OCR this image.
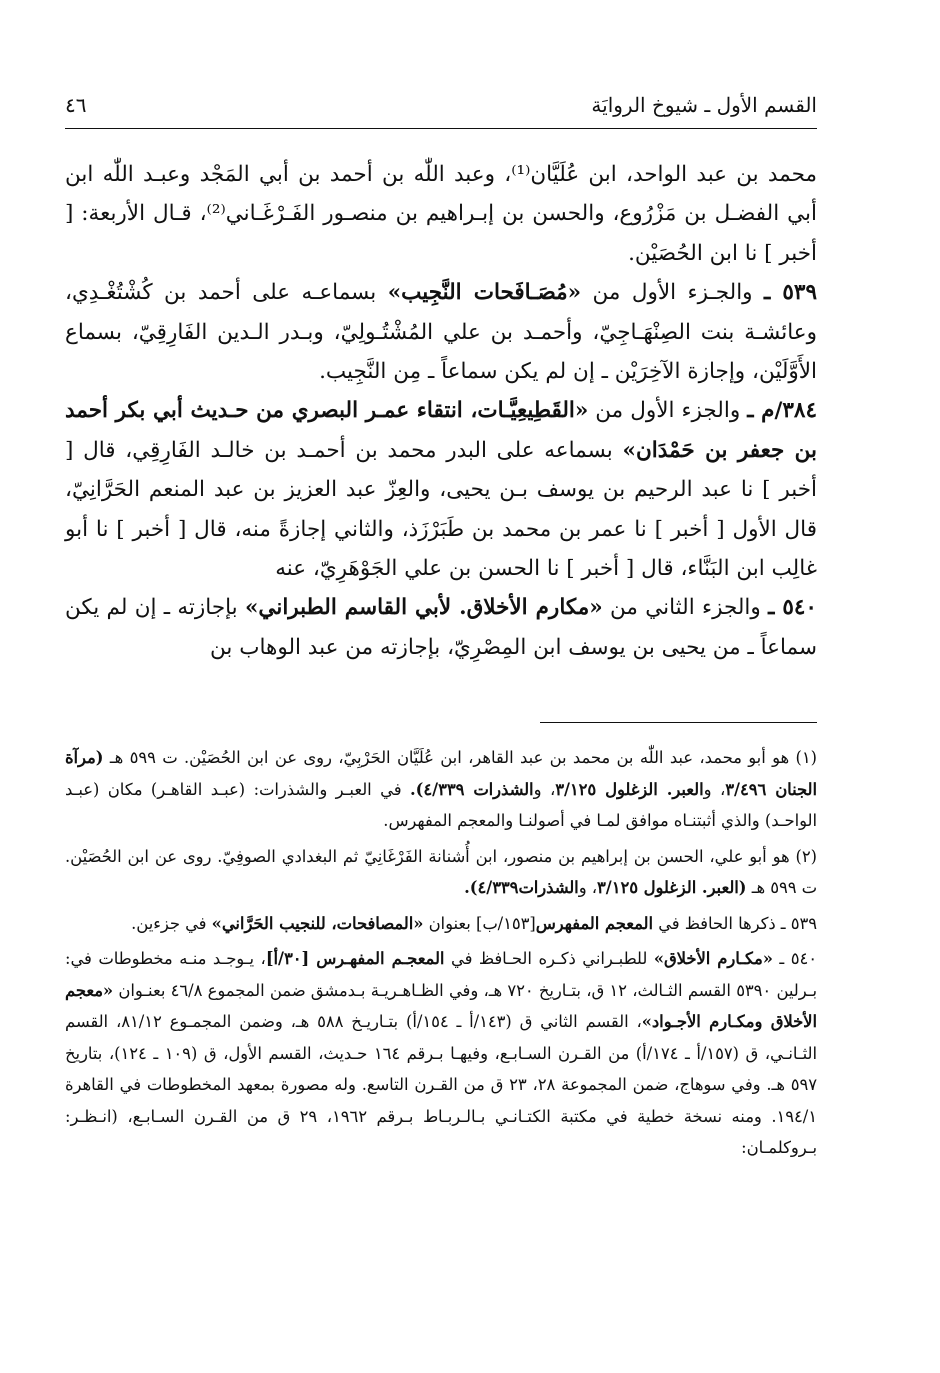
٤٦	القسم الأول ـ شيوخ الروايَة

محمد بن عبد الواحد، ابن عُلَيَّان⁽¹⁾، وعبد اللّٰه بن أحمد بن أبي المَجْد وعبـد اللّٰه ابن أبي الفضـل بن مَزْرُوع، والحسن بن إبـراهيم بن منصـور الفَـرْغَـاني⁽²⁾، قـال الأربعة: [ أخبر ] نا ابن الحُصَيْن.

٥٣٩ ـ والجـزء الأول من «مُصَـافَحات النَّجِيب» بسماعـه على أحمد بن كُشْتُغْـدِي، وعائشـة بنت الصِنْهَـاجِيّ، وأحمـد بن علي المُشْتُـولِيّ، وبـدر الـدين الفَارِقِيّ، بسماع الأَوَّلَيْن، وإجازة الآخِرَيْن ـ إن لم يكن سماعاً ـ مِن النَّجِيب.

٣٨٤/م ـ والجزء الأول من «القَطِيعِيَّـات، انتقاء عمـر البصري من حـديث أبي بكر أحمد بن جعفر بن حَمْدَان» بسماعه على البدر محمد بن أحمـد بن خالـد الفَارِقِي، قال [ أخبر ] نا عبد الرحيم بن يوسف بـن يحيى، والعِزّ عبد العزيز بن عبد المنعم الحَرَّانِيّ، قال الأول [ أخبر ] نا عمر بن محمد بن طَبَرْزَذ، والثاني إجازةً منه، قال [ أخبر ] نا أبو غالِب ابن البَنَّاء، قال [ أخبر ] نا الحسن بن علي الجَوْهَرِيّ، عنه

٥٤٠ ـ والجزء الثاني من «مكارم الأخلاق. لأبي القاسم الطبراني» بإجازته ـ إن لم يكن سماعاً ـ من يحيى بن يوسف ابن المِصْرِيّ، بإجازته من عبد الوهاب بن

(١) هو أبو محمد، عبد اللّٰه بن محمد بن عبد القاهر، ابن عُلَيَّان الحَرْبِيّ، روى عن ابن الحُصَيْن. ت ٥٩٩ هـ (مرآة الجنان ٣/٤٩٦، والعبر. الزغلول ٣/١٢٥، والشذرات ٤/٣٣٩). في العبـر والشذرات: (عبـد القاهـر) مكان (عبـد الواحـد) والذي أثبتنـاه موافق لمـا في أصولنـا والمعجم المفهرس.

(٢) هو أبو علي، الحسن بن إبراهيم بن منصور، ابن أُشنانة الفَرْغَانِيّ ثم البغدادي الصوفِيّ. روى عن ابن الحُصَيْن. ت ٥٩٩ هـ (العبر. الزغلول ٣/١٢٥، والشذرات٤/٣٣٩).

٥٣٩ ـ ذكرها الحافظ في المعجم المفهرس[١٥٣/ب] بعنوان «المصافحات، للنجيب الحَرَّاني» في جزءين.

٥٤٠ ـ «مكـارم الأخلاق» للطبـراني ذكـره الحـافظ في المعجـم المفهـرس [٣٠/أ]، يـوجـد منـه مخطوطات في: بـرلين ٥٣٩٠ القسم الثـالث، ١٢ ق، بتـاريخ ٧٢٠ هـ، وفي الظـاهـريـة بـدمشق ضمن المجموع ٤٦/٨ بعنـوان «معجم الأخلاق ومكـارم الأجـواد»، القسم الثاني ق (١٤٣/أ ـ ١٥٤/أ) بتـاريـخ ٥٨٨ هـ، وضمن المجمـوع ٨١/١٢، القسم الثـانـي، ق (١٥٧/أ ـ ١٧٤/أ) من القـرن السـابـع، وفيهـا بـرقم ١٦٤ حـديث، القسم الأول، ق (١٠٩ ـ ١٢٤)، بتاريخ ٥٩٧ هـ. وفي سوهاج، ضمن المجموعة ٢٨، ٢٣ ق من القـرن التاسع. وله مصورة بمعهد المخطوطات في القاهرة ١٩٤/١. ومنه نسخة خطية في مكتبة الكتـانـي بـالـربـاط بـرقم ١٩٦٢، ٢٩ ق من القـرن السـابـع، (انـظـر: بـروكلمـان:
